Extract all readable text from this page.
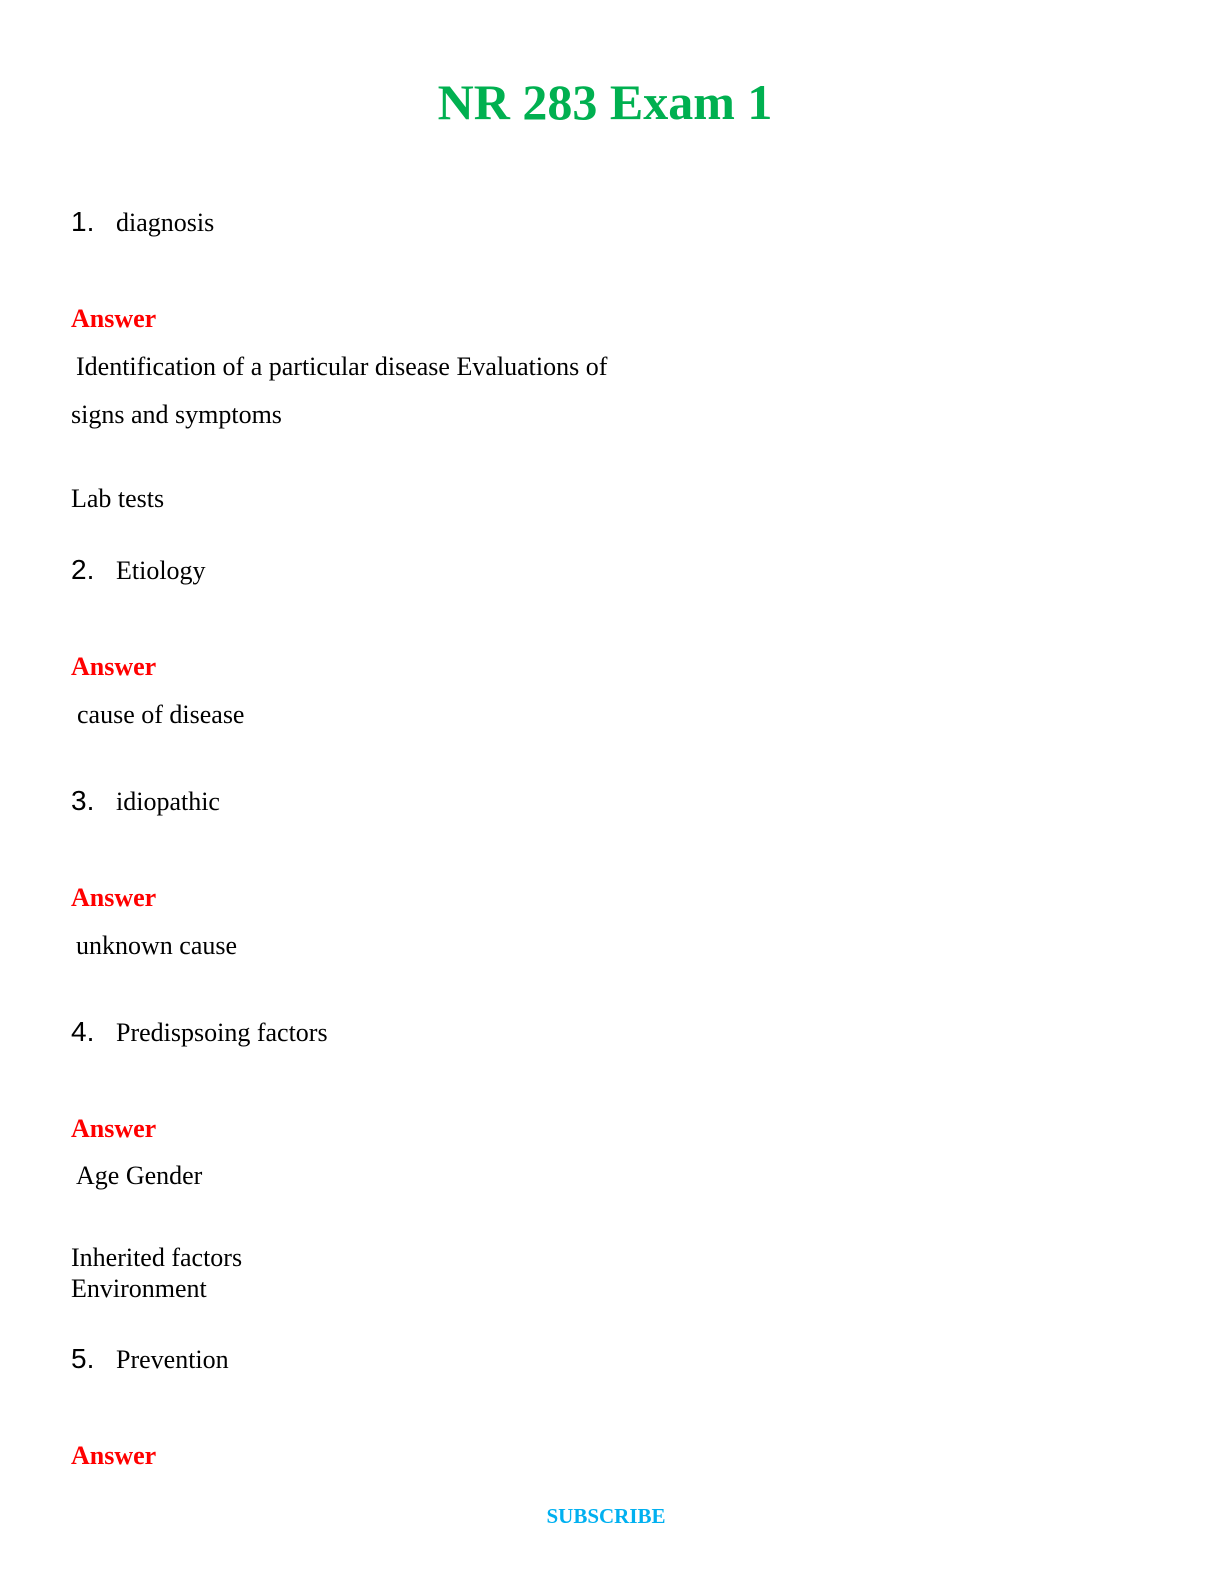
NR 283 Exam 1
1. diagnosis
Answer
Identification of a particular disease Evaluations of
signs and symptoms
Lab tests
2. Etiology
Answer
cause of disease
3. idiopathic
Answer
unknown cause
4. Predispsoing factors
Answer
Age Gender
Inherited factors
Environment
5. Prevention
Answer
SUBSCRIBE
